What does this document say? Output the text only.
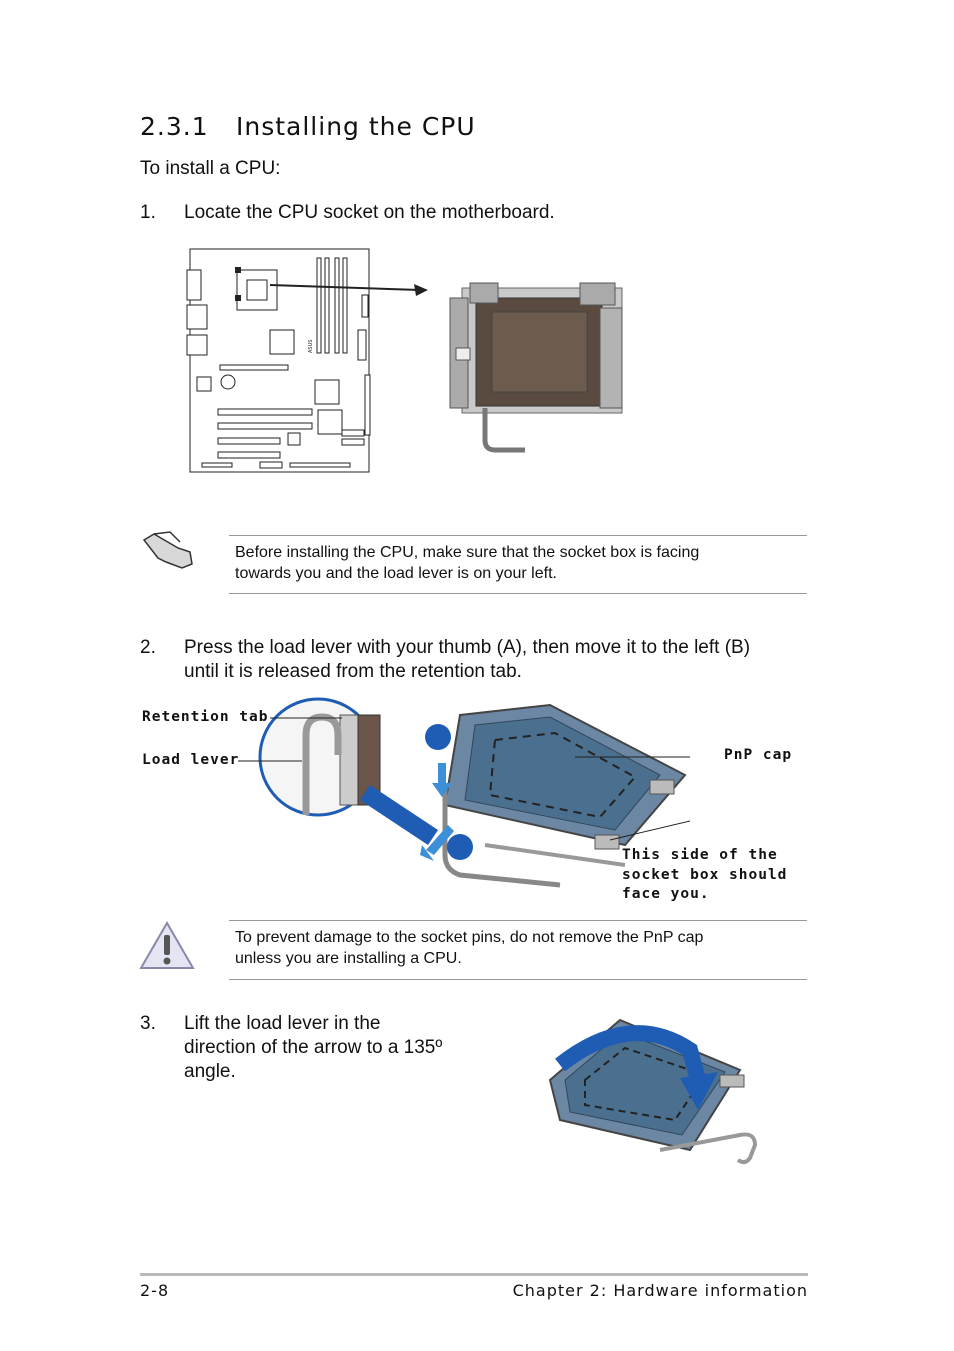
2.3.1 Installing the CPU
To install a CPU:
1. Locate the CPU socket on the motherboard.
ASUS
Before installing the CPU, make sure that the socket box is facing
towards you and the load lever is on your left.
2. Press the load lever with your thumb (A), then move it to the left (B)
until it is released from the retention tab.
Retention tab
Load lever	PnP cap
This side of the
socket box should
face you.
To prevent damage to the socket pins, do not remove the PnP cap
unless you are installing a CPU.
3. Lift the load lever in the
direction of the arrow to a 135º
angle.
2-8	Chapter 2: Hardware information
